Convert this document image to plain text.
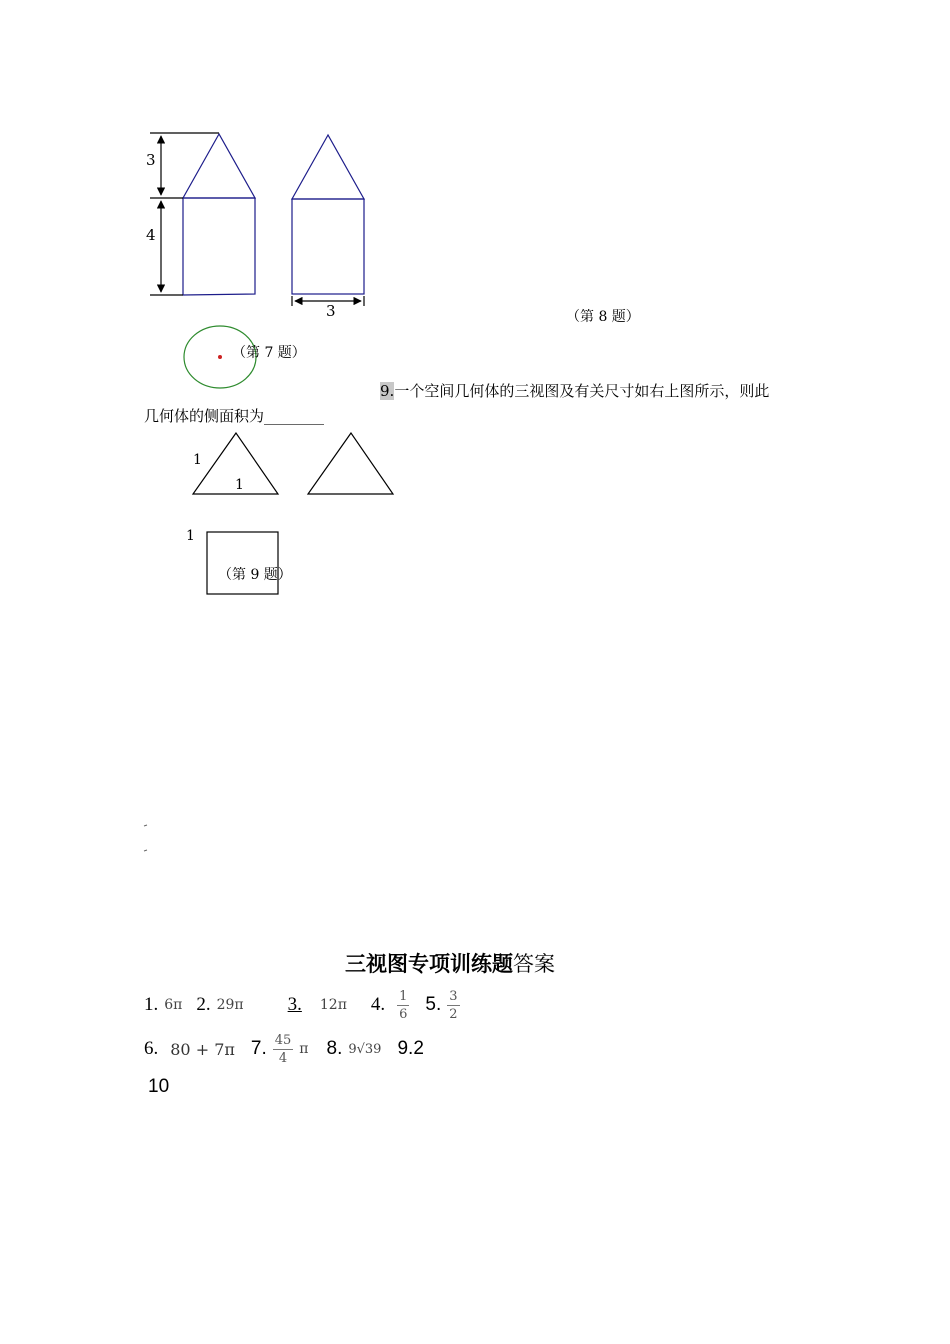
3
4
3	（第 8 题）
（第 7 题）
9.一个空间几何体的三视图及有关尺寸如右上图所示，则此
几何体的侧面积为________
1
1
1
（第 9 题）
三视图专项训练题答案
1. 6π 2. 29π	3. 12π 4. $\frac{1}{6} 5$. $\frac{3}{2}$
6. 80 + 7π 7. $\frac{45}{4}$ π 8. 9√39 9.2
10
